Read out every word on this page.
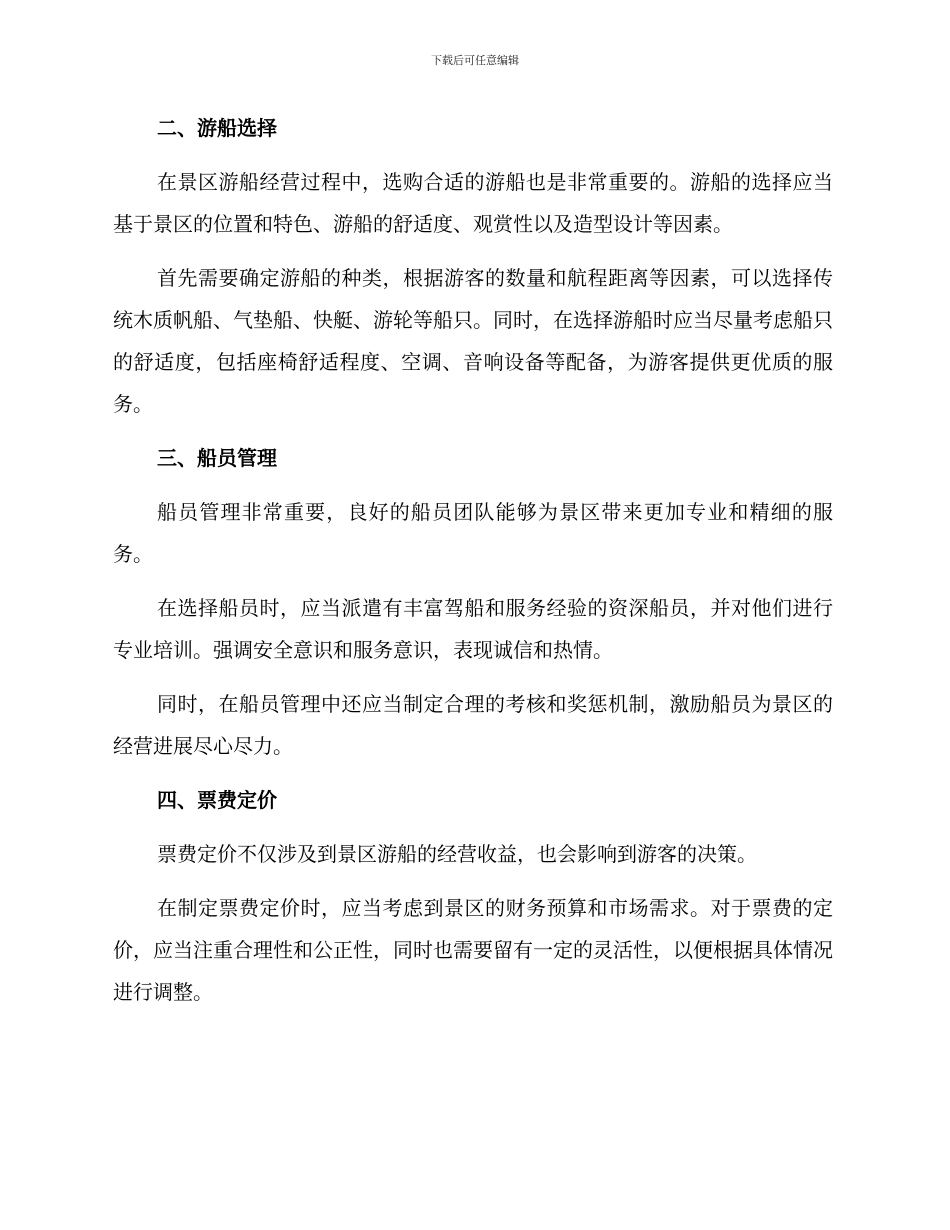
下载后可任意编辑
二、游船选择

在景区游船经营过程中，选购合适的游船也是非常重要的。游船的选择应当基于景区的位置和特色、游船的舒适度、观赏性以及造型设计等因素。

首先需要确定游船的种类，根据游客的数量和航程距离等因素，可以选择传统木质帆船、气垫船、快艇、游轮等船只。同时，在选择游船时应当尽量考虑船只的舒适度，包括座椅舒适程度、空调、音响设备等配备，为游客提供更优质的服务。

三、船员管理

船员管理非常重要，良好的船员团队能够为景区带来更加专业和精细的服务。

在选择船员时，应当派遣有丰富驾船和服务经验的资深船员，并对他们进行专业培训。强调安全意识和服务意识，表现诚信和热情。

同时，在船员管理中还应当制定合理的考核和奖惩机制，激励船员为景区的经营进展尽心尽力。

四、票费定价

票费定价不仅涉及到景区游船的经营收益，也会影响到游客的决策。

在制定票费定价时，应当考虑到景区的财务预算和市场需求。对于票费的定价，应当注重合理性和公正性，同时也需要留有一定的灵活性，以便根据具体情况进行调整。
